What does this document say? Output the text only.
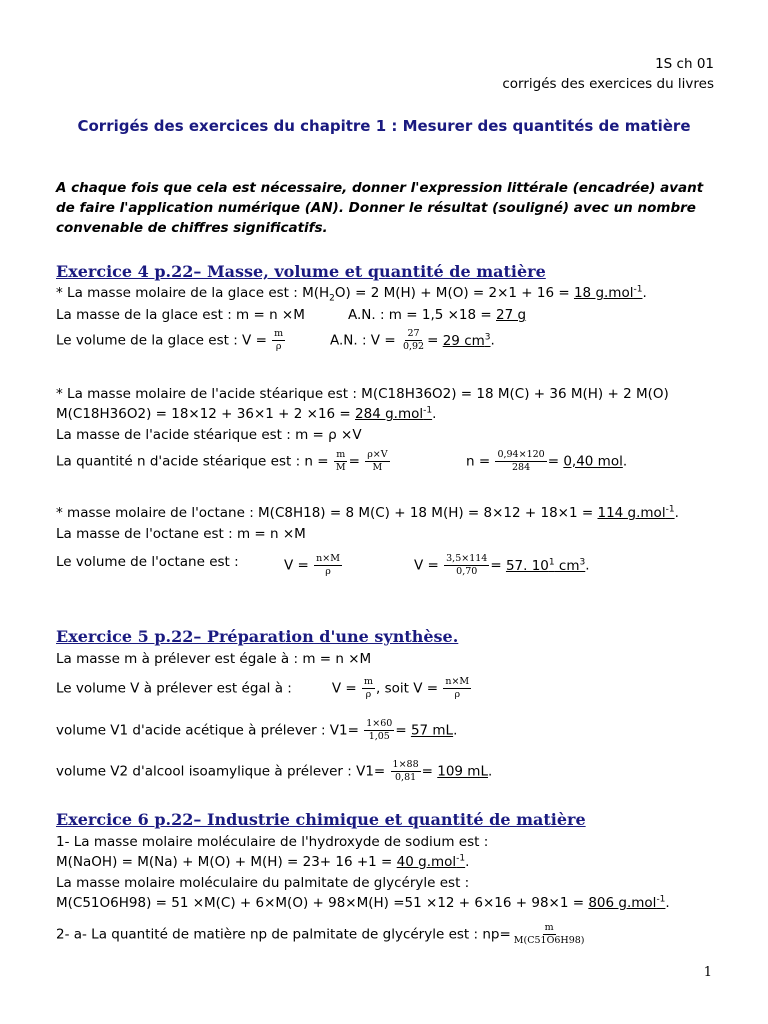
1S ch 01
corrigés des exercices du livres
Corrigés des exercices du chapitre 1 : Mesurer des quantités de matière
A chaque fois que cela est nécessaire, donner l'expression littérale (encadrée) avant de faire l'application numérique (AN). Donner le résultat (souligné) avec un nombre convenable de chiffres significatifs.
Exercice 4 p.22– Masse, volume et quantité de matière
* La masse molaire de la glace est : $M(H_2O) = 2$ M(H) + M(O) = 2×1 + 16 = 18 g.mol$^{-1}$.
La masse de la glace est : m = n ×M	A.N. : m = 1,5 ×18 = 27 g
Le volume de la glace est : $V = \frac{m}{\rho}$	A.N. : $V = \frac{27}{0,92} = 29$ $cm^3$.
* La masse molaire de l'acide stéarique est : M(C18H36O2) = 18 M(C) + 36 M(H) + 2 M(O)
M(C18H36O2) = 18×12 + 36×1 + 2 ×16 = 284 g.mol$^{-1}$.
La masse de l'acide stéarique est : m = ρ ×V
La quantité n d'acide stéarique est : $n = \frac{m}{M} = \frac{\rho\times V}{M}$	$n = \frac{0,94\times 120}{284} = 0,40$ mol.
* masse molaire de l'octane : M(C8H18) = 8 M(C) + 18 M(H) = 8×12 + 18×1 = 114 g.mol$^{-1}$.
La masse de l'octane est : m = n ×M
Le volume de l'octane est :	$V = \frac{n\times M}{\rho}$	$V = \frac{3,5\times 114}{0,70} = 57$. $10^1$ $cm^3$.
Exercice 5 p.22– Préparation d'une synthèse.
La masse m à prélever est égale à : m = n ×M
Le volume V à prélever est égal à :	$V = \frac{m}{\rho}$ , soit $V = \frac{n\times M}{\rho}$
volume V1 d'acide acétique à prélever : $V1= \frac{1\times 60}{1,05} = 57$ mL.
volume V2 d'alcool isoamylique à prélever : $V1= \frac{1\times 88}{0,81} = 109$ mL.
Exercice 6 p.22– Industrie chimique et quantité de matière
1- La masse molaire moléculaire de l'hydroxyde de sodium est :
M(NaOH) = M(Na) + M(O) + M(H) = 23+ 16 +1 = 40 g.mol$^{-1}$.
La masse molaire moléculaire du palmitate de glycéryle est :
M(C51O6H98) = 51 ×M(C) + 6×M(O) + 98×M(H) =51 ×12 + 6×16 + 98×1 = 806 g.mol$^{-1}$.
2- a- La quantité de matière np de palmitate de glycéryle est : $np= \frac{m}{M(C51O6H98)}$
1
